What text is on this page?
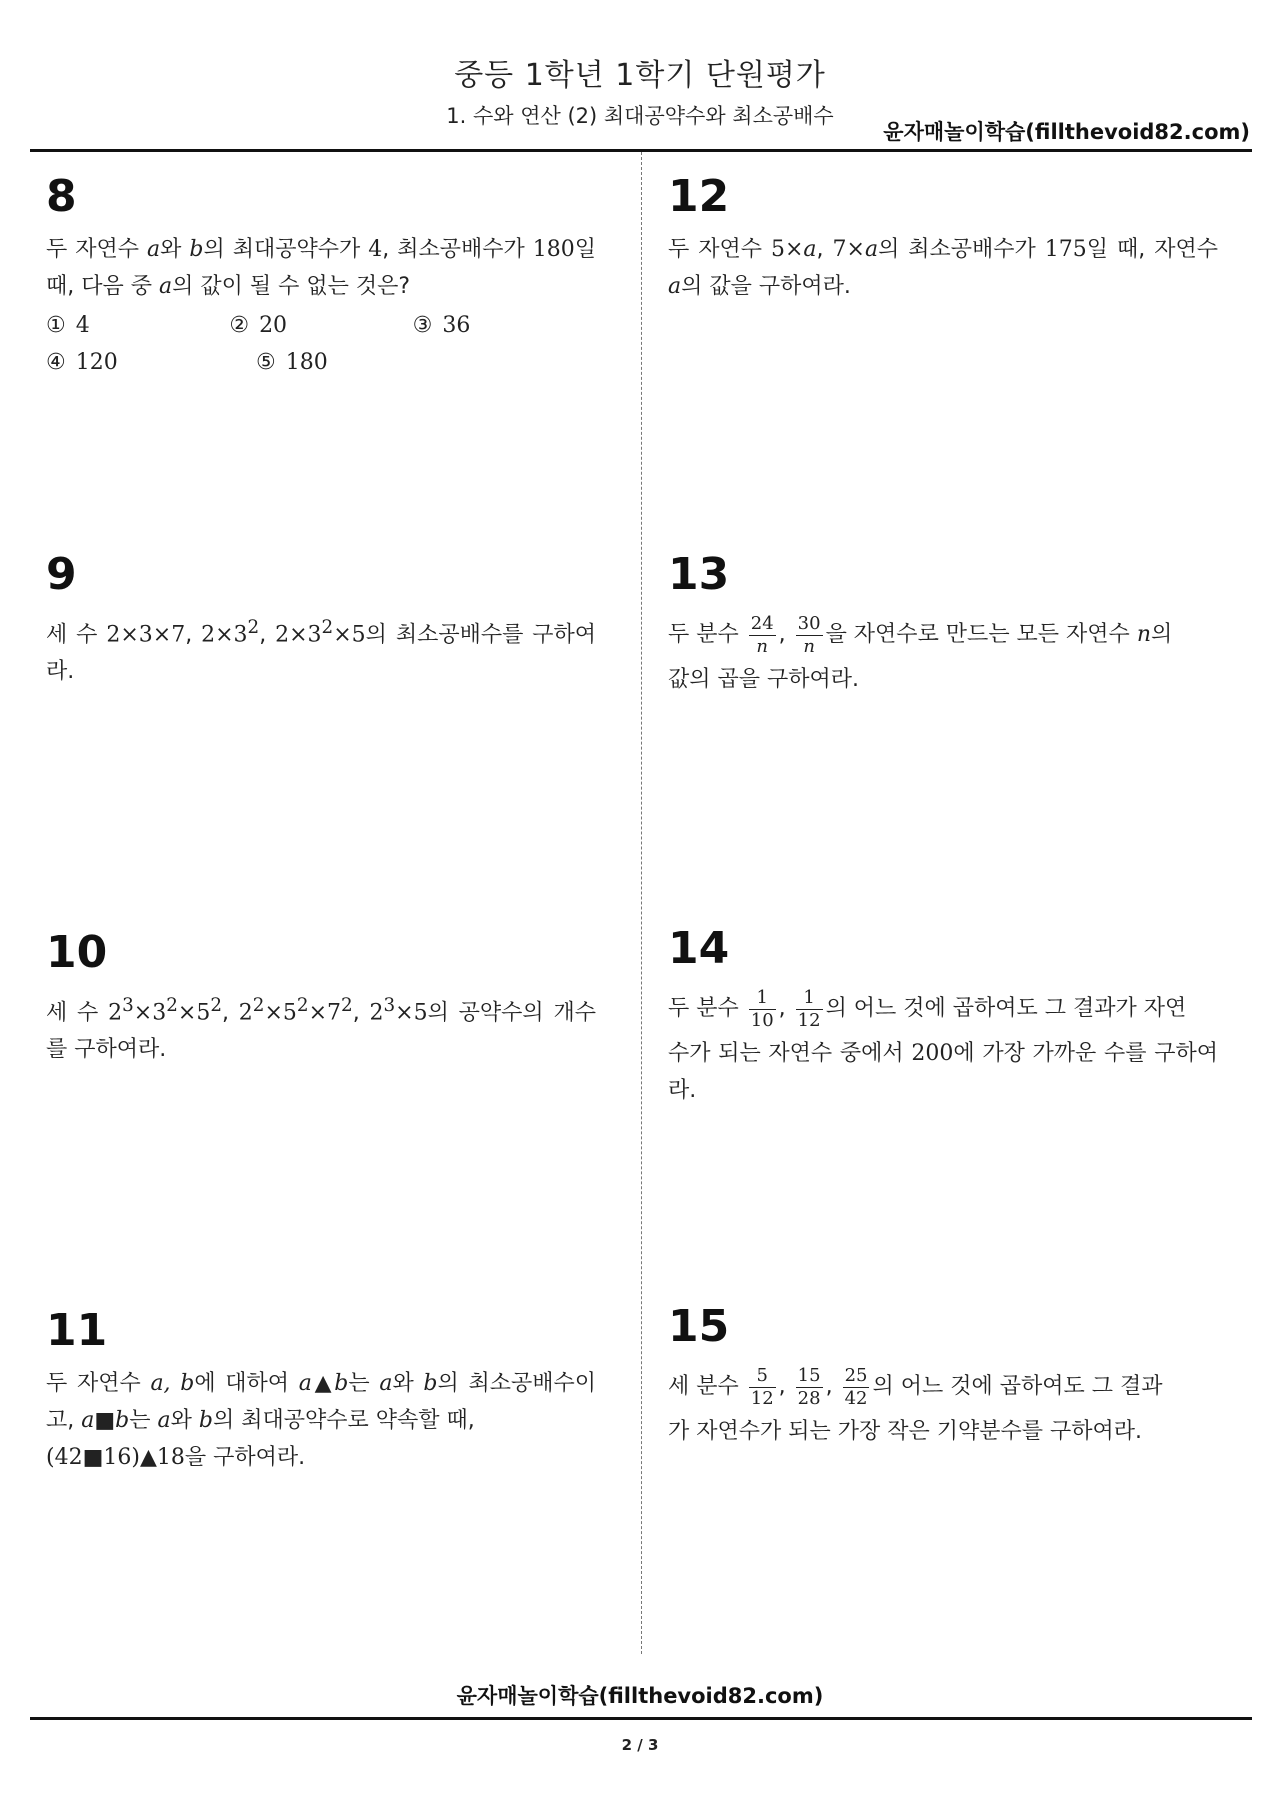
중등 1학년 1학기 단원평가
1. 수와 연산 (2) 최대공약수와 최소공배수
윤자매놀이학습(fillthevoid82.com)
8
두 자연수 a와 b의 최대공약수가 4, 최소공배수가 180일 때, 다음 중 a의 값이 될 수 없는 것은?
① 4	② 20	③ 36
④ 120	⑤ 180
9
세 수 2×3×7, $2\times 3^2$, $2\times 3^2\times 5$의 최소공배수를 구하여라.
10
세 수 $2^3\times 3^2\times 5^2$, $2^2\times 5^2\times 7^2$, $2^3\times 5$의 공약수의 개수를 구하여라.
11
두 자연수 a, b에 대하여 a▲b는 a와 b의 최소공배수이고, a■b는 a와 b의 최대공약수로 약속할 때,
(42■16)▲18을 구하여라.
12
두 자연수 5×a, 7×a의 최소공배수가 175일 때, 자연수 a의 값을 구하여라.
13
두 분수 $\frac{24}{n}$ , $\frac{30}{n}$ 을 자연수로 만드는 모든 자연수 n의
값의 곱을 구하여라.
14
두 분수 $\frac{1}{10}$ , $\frac{1}{12}$ 의 어느 것에 곱하여도 그 결과가 자연
수가 되는 자연수 중에서 200에 가장 가까운 수를 구하여라.
15
세 분수 $\frac{5}{12}$ , $\frac{15}{28}$ , $\frac{25}{42}$ 의 어느 것에 곱하여도 그 결과
가 자연수가 되는 가장 작은 기약분수를 구하여라.
윤자매놀이학습(fillthevoid82.com)
2 / 3
